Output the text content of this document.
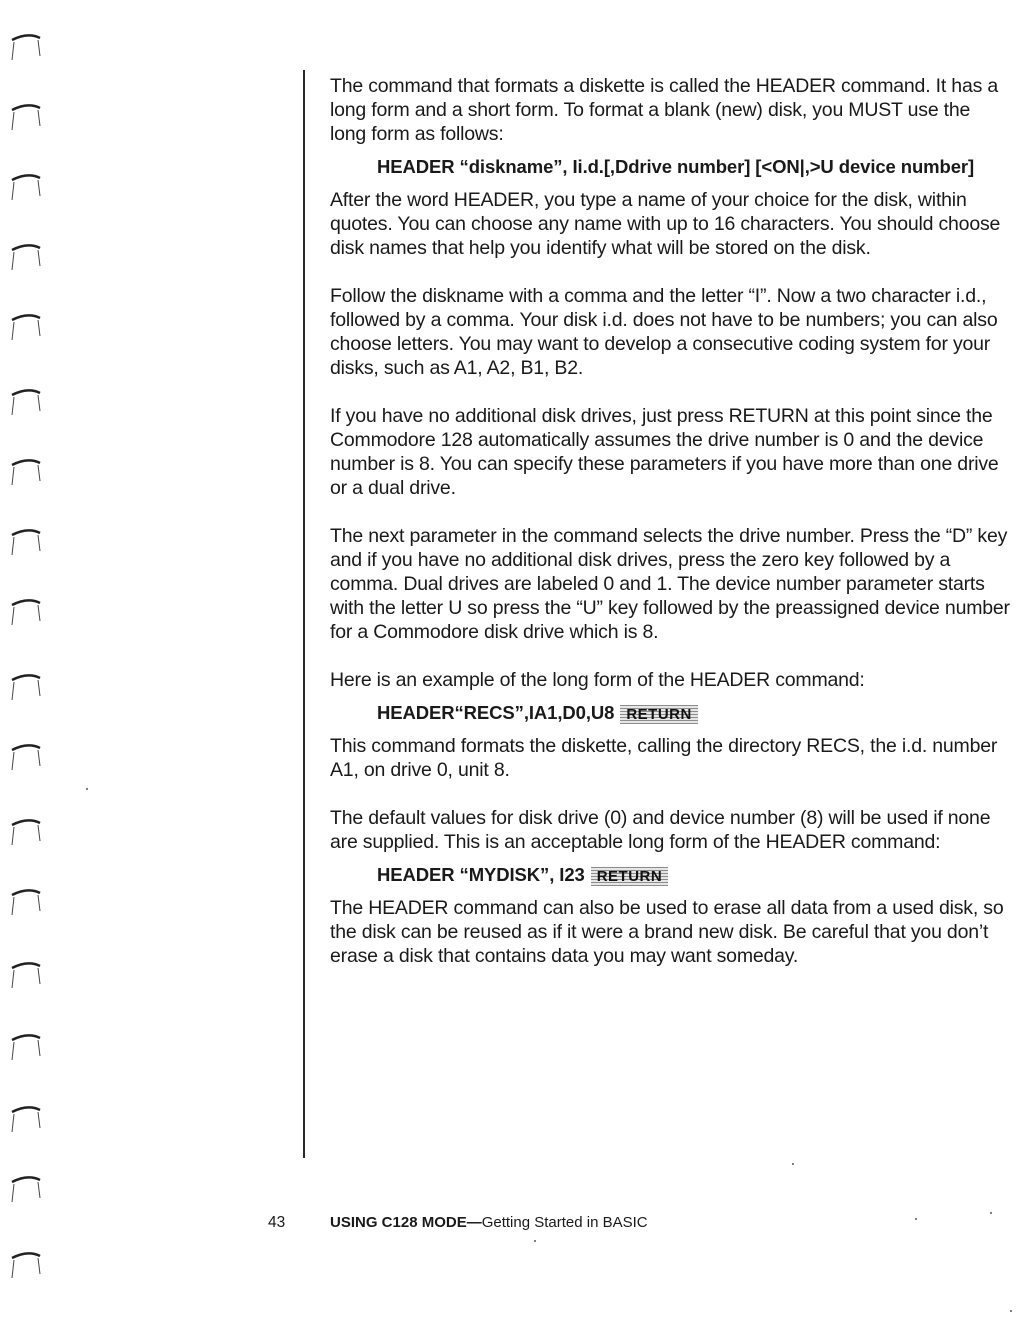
The command that formats a diskette is called the HEADER command. It has a long form and a short form. To format a blank (new) disk, you MUST use the long form as follows:

HEADER “diskname”, Ii.d.[,Ddrive number] [<ON|,>U device number]

After the word HEADER, you type a name of your choice for the disk, within quotes. You can choose any name with up to 16 characters. You should choose disk names that help you identify what will be stored on the disk.

Follow the diskname with a comma and the letter “I”. Now a two character i.d., followed by a comma. Your disk i.d. does not have to be numbers; you can also choose letters. You may want to develop a consecutive coding system for your disks, such as A1, A2, B1, B2.

If you have no additional disk drives, just press RETURN at this point since the Commodore 128 automatically assumes the drive number is 0 and the device number is 8. You can specify these parameters if you have more than one drive or a dual drive.

The next parameter in the command selects the drive number. Press the “D” key and if you have no additional disk drives, press the zero key followed by a comma. Dual drives are labeled 0 and 1. The device number parameter starts with the letter U so press the “U” key followed by the preassigned device number for a Commodore disk drive which is 8.

Here is an example of the long form of the HEADER command:

HEADER“RECS”,IA1,D0,U8 RETURN

This command formats the diskette, calling the directory RECS, the i.d. number A1, on drive 0, unit 8.

The default values for disk drive (0) and device number (8) will be used if none are supplied. This is an acceptable long form of the HEADER command:

HEADER “MYDISK”, I23 RETURN

The HEADER command can also be used to erase all data from a used disk, so the disk can be reused as if it were a brand new disk. Be careful that you don’t erase a disk that contains data you may want someday.

43	USING C128 MODE—Getting Started in BASIC
